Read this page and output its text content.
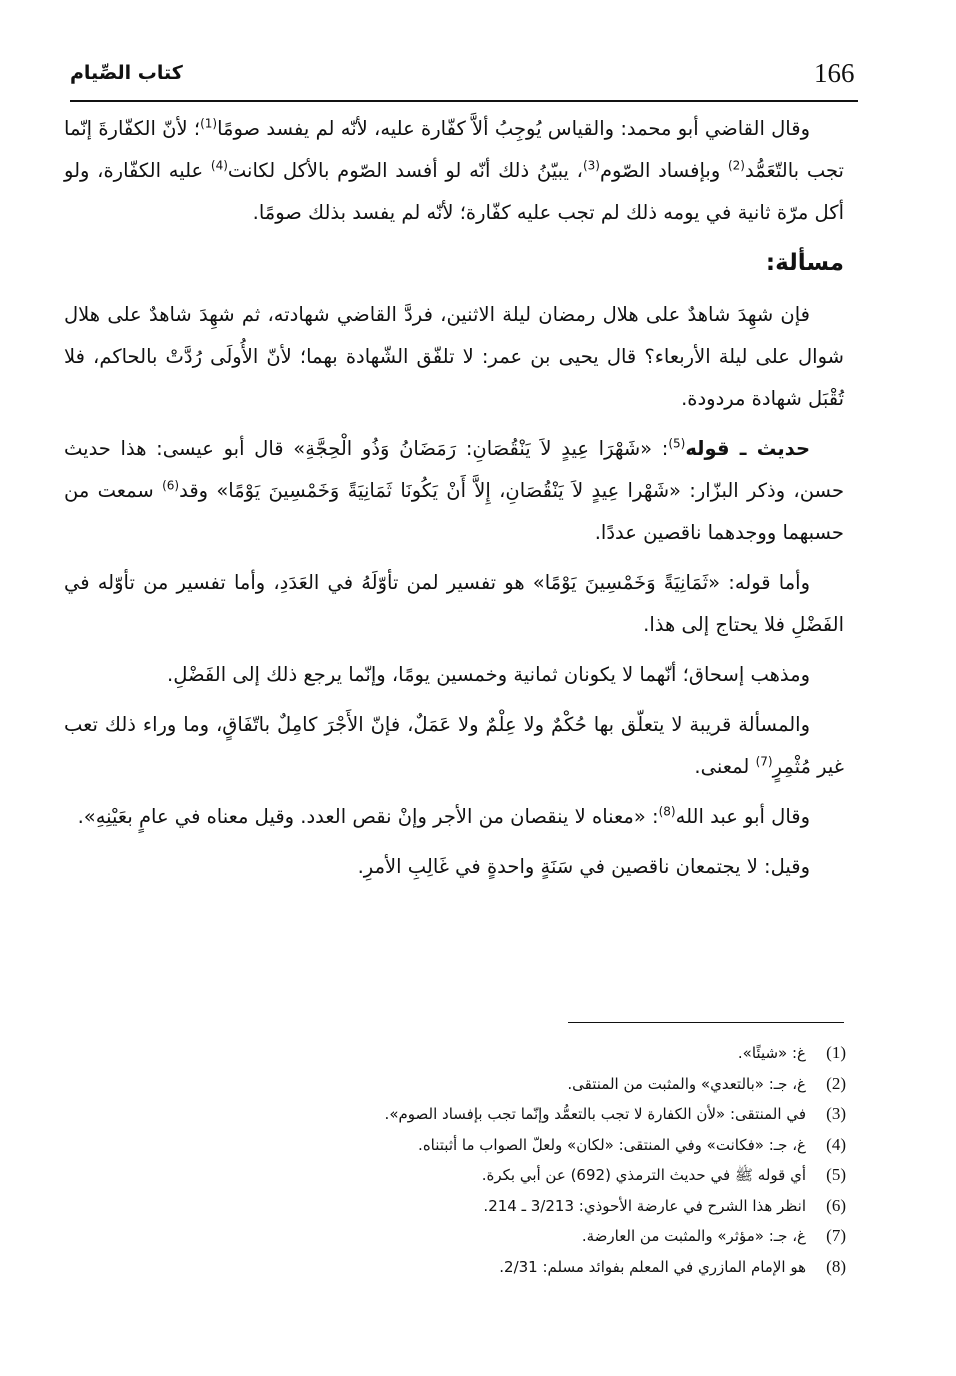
166
كتاب الصِّيام

وقال القاضي أبو محمد: والقياس يُوجِبُ ألاَّ كفّارة عليه، لأنّه لم يفسد صومًا$^{(1)}$؛ لأنّ الكفّارةَ إنّما تجب بالتّعَمُّد$^{(2)}$ وبإفساد الصّوم$^{(3)}$، يبيّنُ ذلك أنّه لو أفسد الصّوم بالأكل لكانت$^{(4)}$ عليه الكفّارة، ولو أكل مرّة ثانية في يومه ذلك لم تجب عليه كفّارة؛ لأنّه لم يفسد بذلك صومًا.

مسألة:

فإن شهِدَ شاهدٌ على هلال رمضان ليلة الاثنين، فردَّ القاضي شهادته، ثم شهِدَ شاهدٌ على هلال شوال على ليلة الأربعاء؟ قال يحيى بن عمر: لا تلفّق الشّهادة بهما؛ لأنّ الأُولَى رُدَّتْ بالحاكم، فلا تُقْبَل شهادة مردودة.

حديث ـ قوله$^{(5)}$: «شَهْرَا عِيدٍ لاَ يَنْقُصَانِ: رَمَضَانُ وَذُو الْحِجَّةِ» قال أبو عيسى: هذا حديث حسن، وذكر البزّار: «شَهْرا عِيدٍ لاَ يَنْقُصَانِ، إِلاَّ أَنْ يَكُونَا ثَمَانِيَةً وَخَمْسِينَ يَوْمًا» وقد$^{(6)}$ سمعت من حسبهما ووجدهما ناقصين عددًا.

وأما قوله: «ثَمَانِيَةً وَخَمْسِينَ يَوْمًا» هو تفسير لمن تأوّلَهُ في العَدَدِ، وأما تفسير من تأوّله في الفَضْلِ فلا يحتاج إلى هذا.

ومذهب إسحاق؛ أنّهما لا يكونان ثمانية وخمسين يومًا، وإنّما يرجع ذلك إلى الفَضْلِ.

والمسألة قريبة لا يتعلّق بها حُكْمٌ ولا عِلْمٌ ولا عَمَلٌ، فإنّ الأَجْرَ كامِلٌ باتّفَاقٍ، وما وراء ذلك تعب غير مُثْمِرٍ$^{(7)}$ لمعنى.

وقال أبو عبد الله$^{(8)}$: «معناه لا ينقصان من الأجر وإنْ نقص العدد. وقيل معناه في عامٍ بعَيْنِهِ».

وقيل: لا يجتمعان ناقصين في سَنَةٍ واحدةٍ في غَالِبِ الأمرِ.

(1)
غ: «شيئًا».
(2)
غ، جـ: «بالتعدي» والمثبت من المنتقى.
(3)
في المنتقى: «لأن الكفارة لا تجب بالتعمُّد وإنّما تجب بإفساد الصوم».
(4)
غ، جـ: «فكانت» وفي المنتقى: «لكان» ولعلّ الصواب ما أثبتناه.
(5)
أي قوله ﷺ في حديث الترمذي (692) عن أبي بكرة.
(6)
انظر هذا الشرح في عارضة الأحوذي: 3/213 ـ 214.
(7)
غ، جـ: «مؤثر» والمثبت من العارضة.
(8)
هو الإمام المازري في المعلم بفوائد مسلم: 2/31.
